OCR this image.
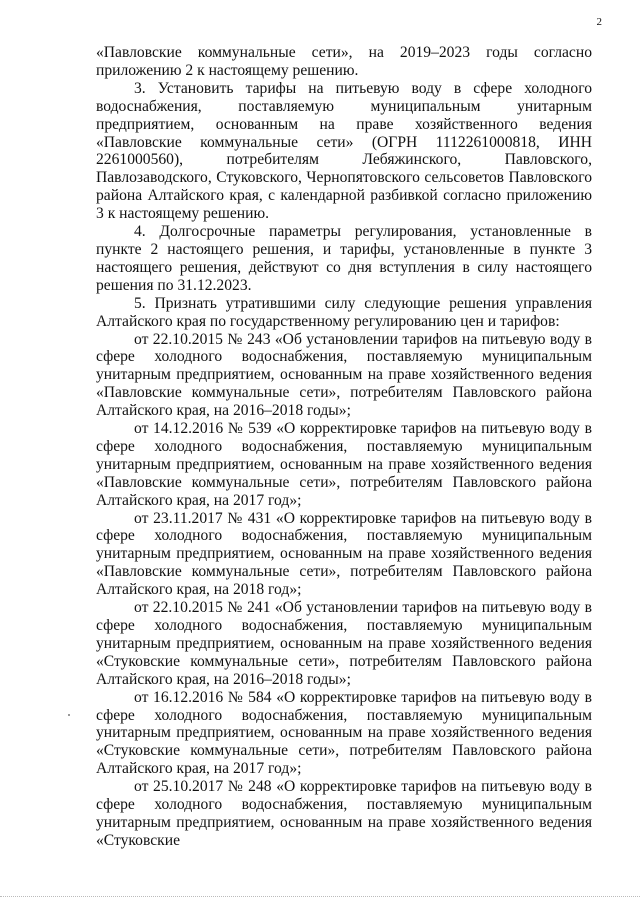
2

«Павловские коммунальные сети», на 2019–2023 годы согласно приложению 2 к настоящему решению.

3. Установить тарифы на питьевую воду в сфере холодного водоснабжения, поставляемую муниципальным унитарным предприятием, основанным на праве хозяйственного ведения «Павловские коммунальные сети» (ОГРН 1112261000818, ИНН 2261000560), потребителям Лебяжинского, Павловского, Павлозаводского, Стуковского, Чернопятовского сельсоветов Павловского района Алтайского края, с календарной разбивкой согласно приложению 3 к настоящему решению.

4. Долгосрочные параметры регулирования, установленные в пункте 2 настоящего решения, и тарифы, установленные в пункте 3 настоящего решения, действуют со дня вступления в силу настоящего решения по 31.12.2023.

5. Признать утратившими силу следующие решения управления Алтайского края по государственному регулированию цен и тарифов:

от 22.10.2015 № 243 «Об установлении тарифов на питьевую воду в сфере холодного водоснабжения, поставляемую муниципальным унитарным предприятием, основанным на праве хозяйственного ведения «Павловские коммунальные сети», потребителям Павловского района Алтайского края, на 2016–2018 годы»;

от 14.12.2016 № 539 «О корректировке тарифов на питьевую воду в сфере холодного водоснабжения, поставляемую муниципальным унитарным предприятием, основанным на праве хозяйственного ведения «Павловские коммунальные сети», потребителям Павловского района Алтайского края, на 2017 год»;

от 23.11.2017 № 431 «О корректировке тарифов на питьевую воду в сфере холодного водоснабжения, поставляемую муниципальным унитарным предприятием, основанным на праве хозяйственного ведения «Павловские коммунальные сети», потребителям Павловского района Алтайского края, на 2018 год»;

от 22.10.2015 № 241 «Об установлении тарифов на питьевую воду в сфере холодного водоснабжения, поставляемую муниципальным унитарным предприятием, основанным на праве хозяйственного ведения «Стуковские коммунальные сети», потребителям Павловского района Алтайского края, на 2016–2018 годы»;

от 16.12.2016 № 584 «О корректировке тарифов на питьевую воду в сфере холодного водоснабжения, поставляемую муниципальным унитарным предприятием, основанным на праве хозяйственного ведения «Стуковские коммунальные сети», потребителям Павловского района Алтайского края, на 2017 год»;

от 25.10.2017 № 248 «О корректировке тарифов на питьевую воду в сфере холодного водоснабжения, поставляемую муниципальным унитарным предприятием, основанным на праве хозяйственного ведения «Стуковские
